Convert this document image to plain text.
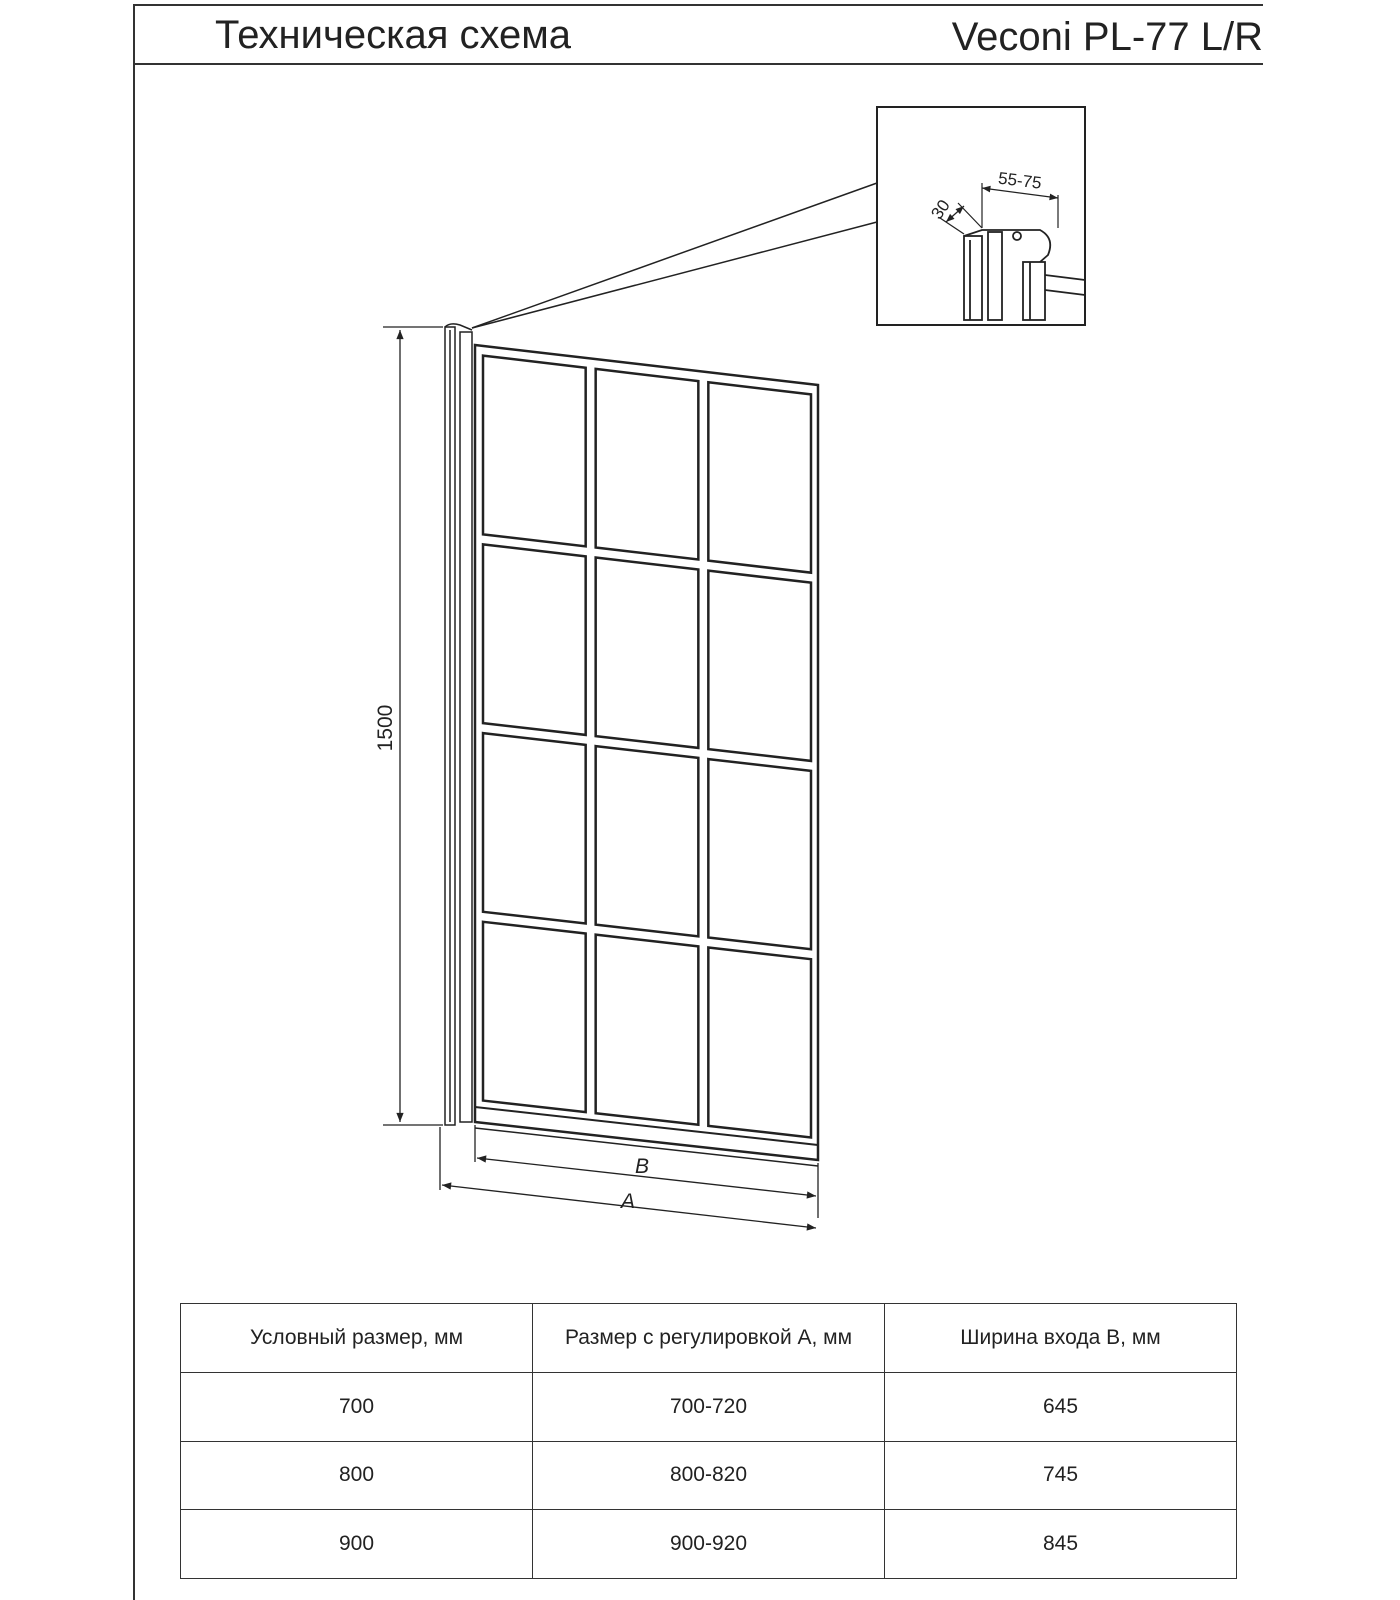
Техническая схема	Veconi PL-77 L/R
55-75
30
1500
B
A
Условный размер, мм	Размер с регулировкой А, мм	Ширина входа В, мм
700	700-720	645
800	800-820	745
900	900-920	845
